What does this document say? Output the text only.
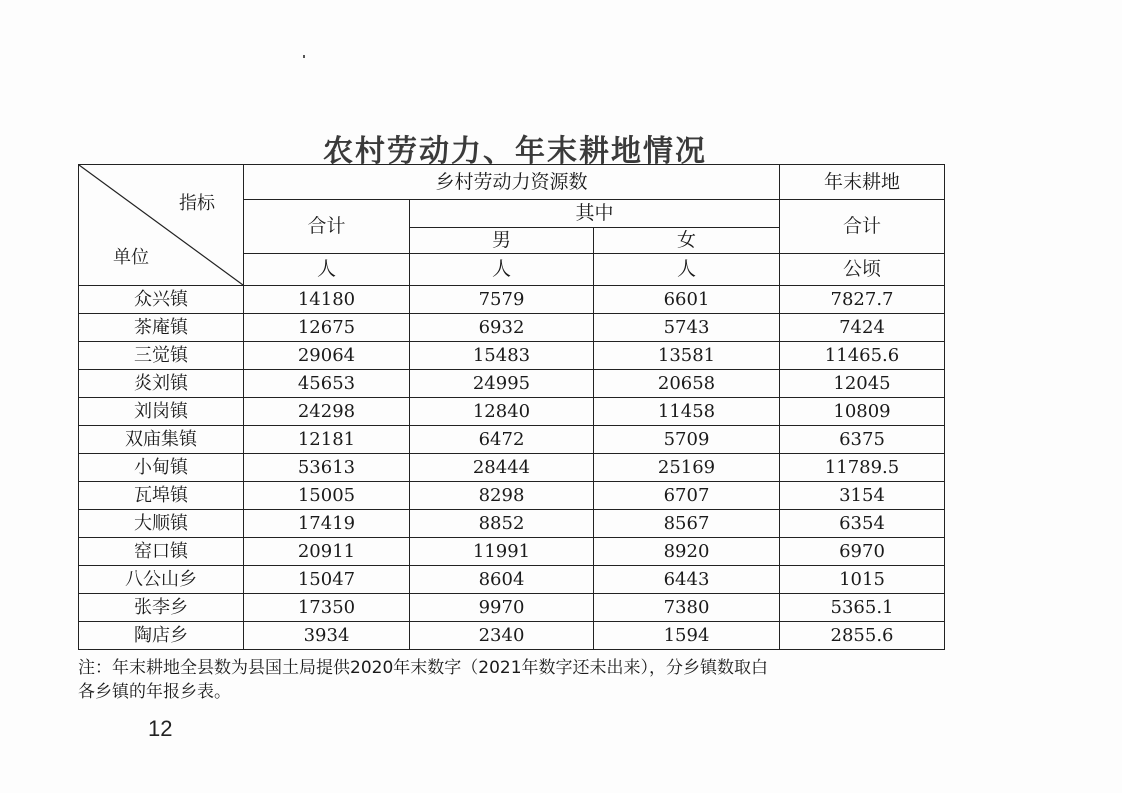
农村劳动力、年末耕地情况
指标
单位	乡村劳动力资源数			年末耕地
	合计	其中		合计
		男	女	
	人	人	人	公顷
众兴镇	14180	7579	6601	7827.7
茶庵镇	12675	6932	5743	7424
三觉镇	29064	15483	13581	11465.6
炎刘镇	45653	24995	20658	12045
刘岗镇	24298	12840	11458	10809
双庙集镇	12181	6472	5709	6375
小甸镇	53613	28444	25169	11789.5
瓦埠镇	15005	8298	6707	3154
大顺镇	17419	8852	8567	6354
窑口镇	20911	11991	8920	6970
八公山乡	15047	8604	6443	1015
张李乡	17350	9970	7380	5365.1
陶店乡	3934	2340	1594	2855.6
注：年末耕地全县数为县国土局提供2020年末数字（2021年数字还未出来），分乡镇数取白
各乡镇的年报乡表。
12
